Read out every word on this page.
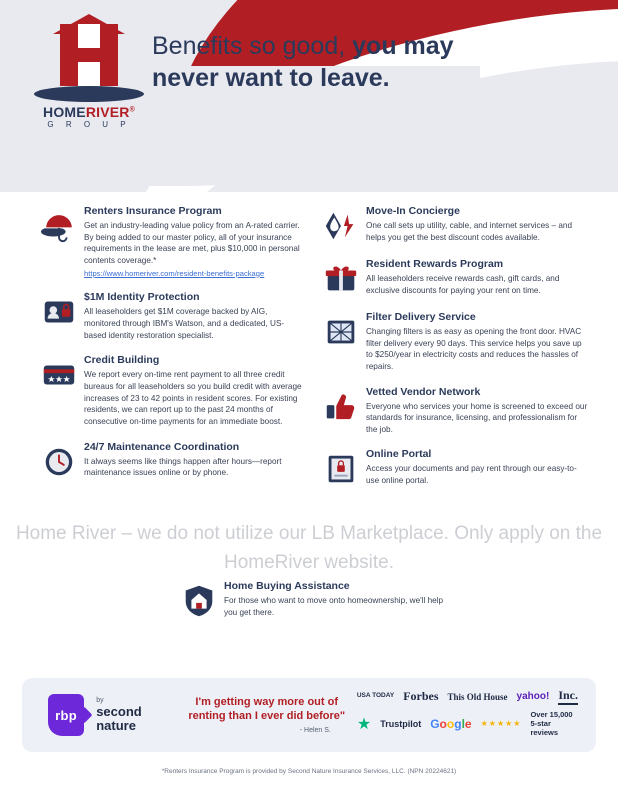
HOMERIVER®
G R O U P
Benefits so good, you may
never want to leave.
Renters Insurance Program
Get an industry-leading value policy from an A-rated carrier. By being added to our master policy, all of your insurance requirements in the lease are met, plus $10,000 in personal contents coverage.*
https://www.homeriver.com/resident-benefits-package
$1M Identity Protection
All leaseholders get $1M coverage backed by AIG, monitored through IBM's Watson, and a dedicated, US-based identity restoration specialist.
Credit Building
We report every on-time rent payment to all three credit bureaus for all leaseholders so you build credit with average increases of 23 to 42 points in resident scores. For existing residents, we can report up to the past 24 months of consecutive on-time payments for an immediate boost.
24/7 Maintenance Coordination
It always seems like things happen after hours—report maintenance issues online or by phone.
Move-In Concierge
One call sets up utility, cable, and internet services – and helps you get the best discount codes available.
Resident Rewards Program
All leaseholders receive rewards cash, gift cards, and exclusive discounts for paying your rent on time.
Filter Delivery Service
Changing filters is as easy as opening the front door. HVAC filter delivery every 90 days. This service helps you save up to $250/year in electricity costs and reduces the hassles of repairs.
Vetted Vendor Network
Everyone who services your home is screened to exceed our standards for insurance, licensing, and professionalism for the job.
Online Portal
Access your documents and pay rent through our easy-to-use online portal.
Home Buying Assistance
For those who want to move onto homeownership, we'll help you get there.
Home River – we do not utilize our LB Marketplace. Only apply on the HomeRiver website.
rbp
by
second nature
I'm getting way more out of renting than I ever did before"
- Helen S.
USA TODAY Forbes This Old House yahoo! Inc.
★ Trustpilot Google ★★★★★
Over 15,000
5-star reviews
*Renters Insurance Program is provided by Second Nature Insurance Services, LLC. (NPN 20224621)
